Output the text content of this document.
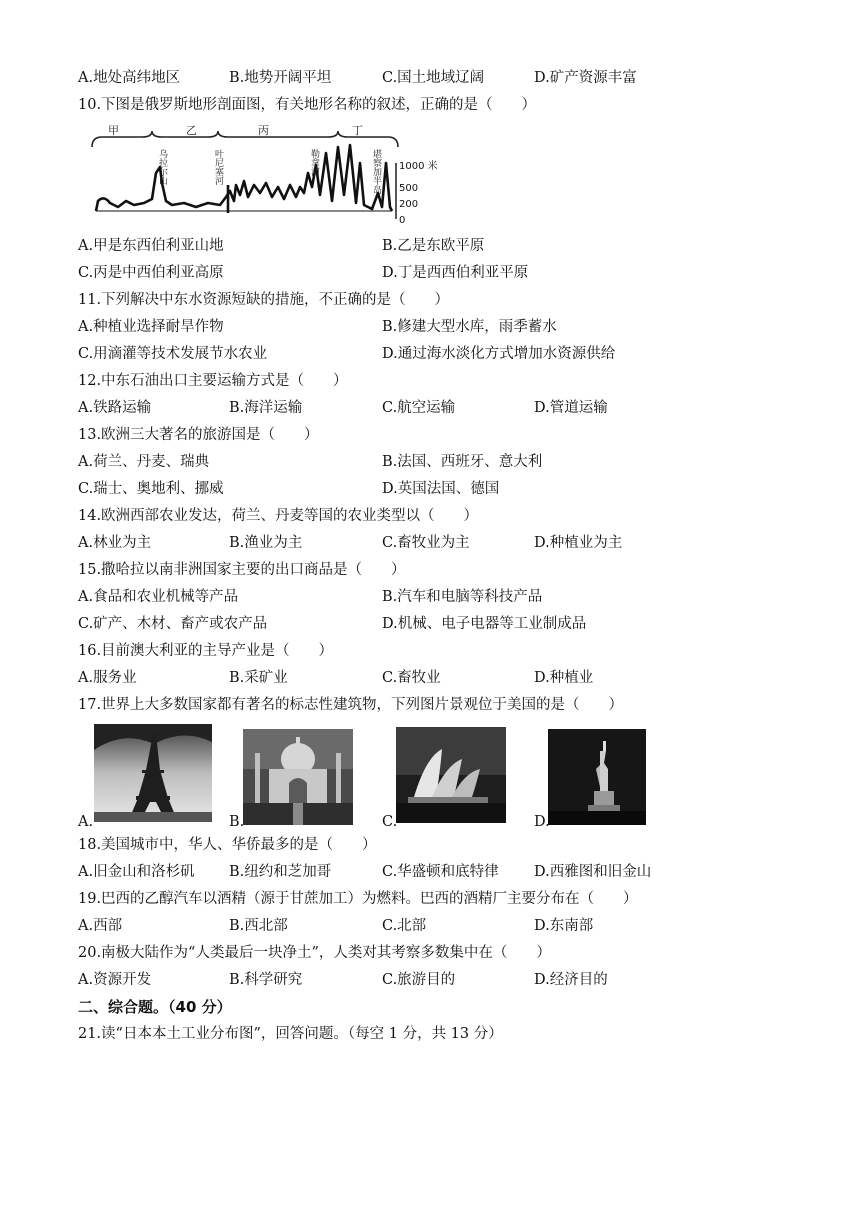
A.地处高纬地区	B.地势开阔平坦	C.国土地域辽阔	D.矿产资源丰富
10.下图是俄罗斯地形剖面图，有关地形名称的叙述，正确的是（　　）
甲	乙	丙	丁
乌拉尔山	叶尼塞河	勒拿河	堪察加半岛 1000 米
500
200
0
A.甲是东西伯利亚山地	B.乙是东欧平原
C.丙是中西伯利亚高原	D.丁是西西伯利亚平原
11.下列解决中东水资源短缺的措施，不正确的是（　　）
A.种植业选择耐旱作物	B.修建大型水库，雨季蓄水
C.用滴灌等技术发展节水农业	D.通过海水淡化方式增加水资源供给
12.中东石油出口主要运输方式是（　　）
A.铁路运输	B.海洋运输	C.航空运输	D.管道运输
13.欧洲三大著名的旅游国是（　　）
A.荷兰、丹麦、瑞典	B.法国、西班牙、意大利
C.瑞士、奥地利、挪威	D.英国法国、德国
14.欧洲西部农业发达，荷兰、丹麦等国的农业类型以（　　）
A.林业为主	B.渔业为主	C.畜牧业为主	D.种植业为主
15.撒哈拉以南非洲国家主要的出口商品是（　　）
A.食品和农业机械等产品	B.汽车和电脑等科技产品
C.矿产、木材、畜产或农产品	D.机械、电子电器等工业制成品
16.目前澳大利亚的主导产业是（　　）
A.服务业	B.采矿业	C.畜牧业	D.种植业
17.世界上大多数国家都有著名的标志性建筑物，下列图片景观位于美国的是（　　）
A.	B.	C.	D.
18.美国城市中，华人、华侨最多的是（　　）
A.旧金山和洛杉矶 B.纽约和芝加哥	C.华盛顿和底特律 D.西雅图和旧金山
19.巴西的乙醇汽车以酒精（源于甘蔗加工）为燃料。巴西的酒精厂主要分布在（　　）
A.西部	B.西北部	C.北部	D.东南部
20.南极大陆作为“人类最后一块净土”，人类对其考察多数集中在（　　）
A.资源开发	B.科学研究	C.旅游目的	D.经济目的
二、综合题。（40 分）
21.读“日本本土工业分布图”，回答问题。（每空 1 分，共 13 分）
